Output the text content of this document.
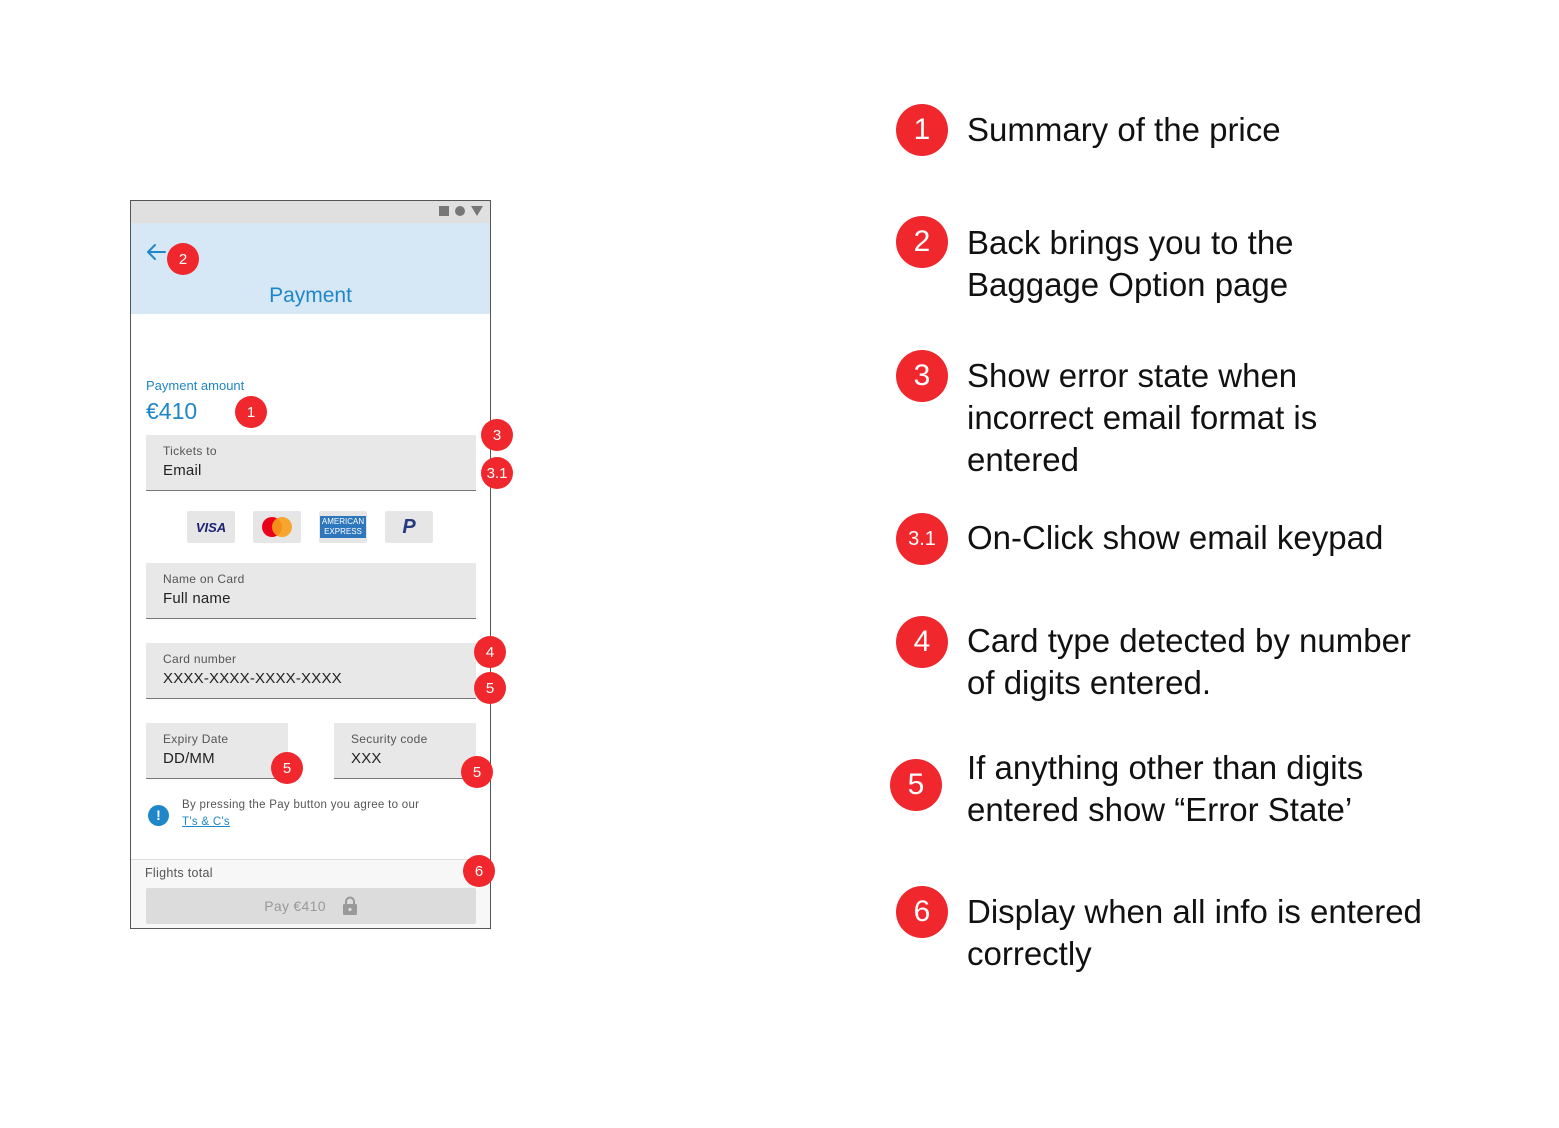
Payment
Payment amount
€410
Tickets to
Email
VISA	AMERICAN
EXPRESS P
Name on Card
Full name
Card number
XXXX-XXXX-XXXX-XXXX
Expiry Date
DD/MM
Security code
XXX
!
By pressing the Pay button you agree to our
T's & C's
Flights total
Pay €410
2
1
3
3.1
4
5
5	5
6
1	Summary of the price
2	Back brings you to the
Baggage Option page
3	Show error state when
incorrect email format is
entered
3.1 On-Click show email keypad
4	Card type detected by number
of digits entered.
5	If anything other than digits
entered show “Error State’
6	Display when all info is entered
correctly
